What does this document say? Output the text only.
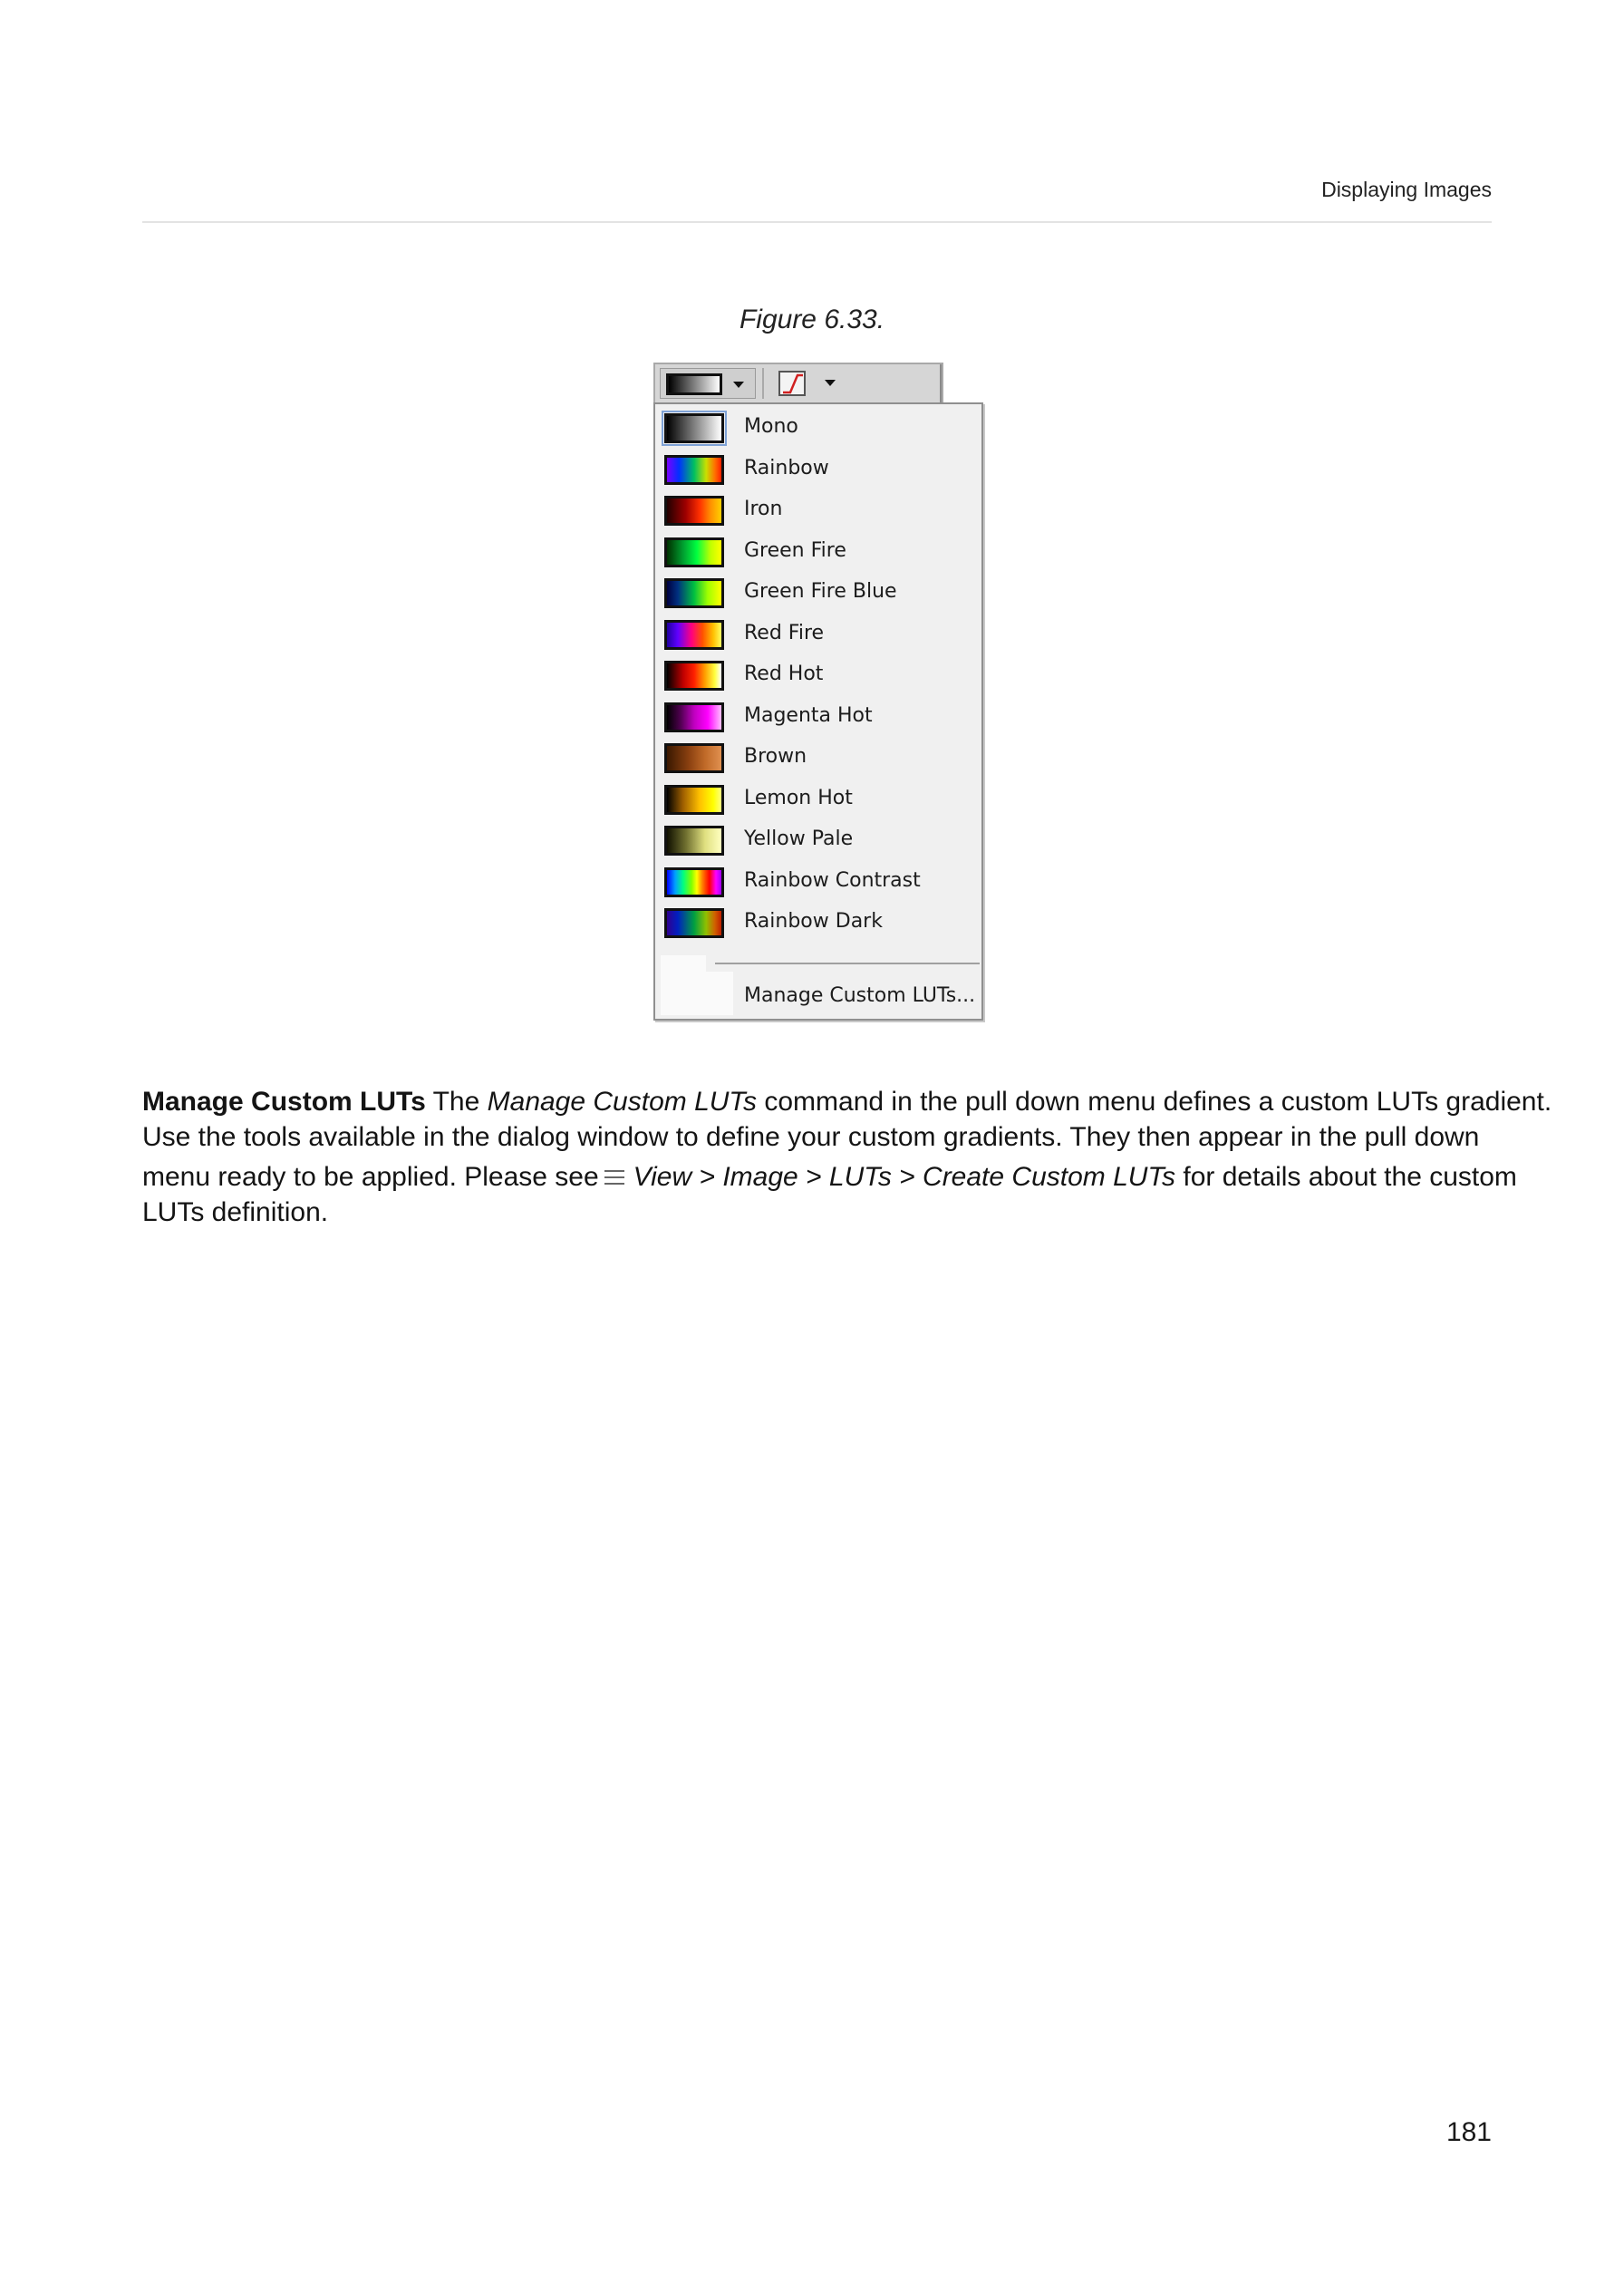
Displaying Images
Figure 6.33.
Mono
Rainbow
Iron
Green Fire
Green Fire Blue
Red Fire
Red Hot
Magenta Hot
Brown
Lemon Hot
Yellow Pale
Rainbow Contrast
Rainbow Dark
Manage Custom LUTs...
Manage Custom LUTs The Manage Custom LUTs command in the pull down menu defines a custom LUTs gradient.
Use the tools available in the dialog window to define your custom gradients. They then appear in the pull down
menu ready to be applied. Please see View > Image > LUTs > Create Custom LUTs for details about the custom
LUTs definition.
181
